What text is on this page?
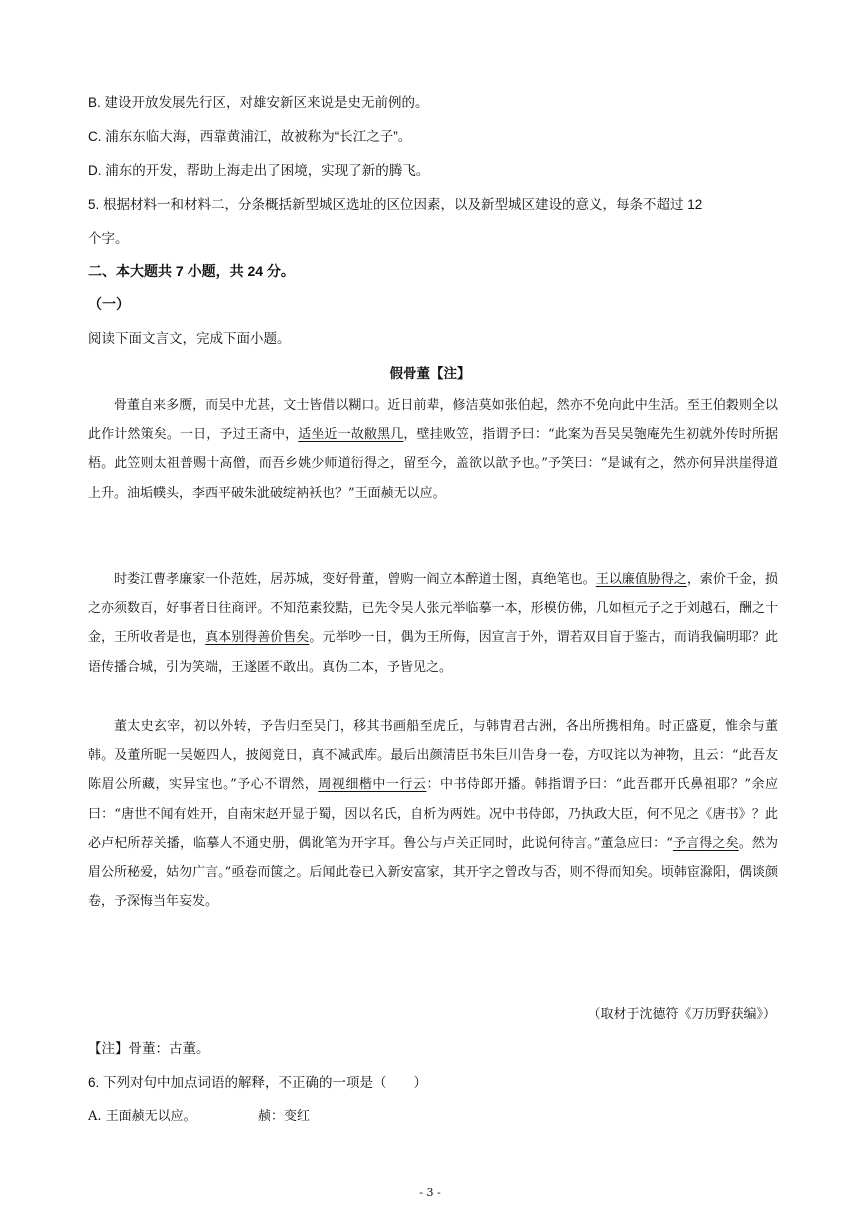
B. 建设开放发展先行区，对雄安新区来说是史无前例的。
C. 浦东东临大海，西靠黄浦江，故被称为“长江之子”。
D. 浦东的开发，帮助上海走出了困境，实现了新的腾飞。
5. 根据材料一和材料二，分条概括新型城区选址的区位因素，以及新型城区建设的意义，每条不超过 12
个字。
二、本大题共 7 小题，共 24 分。
（一）
阅读下面文言文，完成下面小题。
假骨董【注】
骨董自来多赝，而吴中尤甚，文士皆借以糊口。近日前辈，修洁莫如张伯起，然亦不免向此中生活。至王伯穀则全以此作计然策矣。一日，予过王斋中，适坐近一故敝黑几，壁挂败笠，指谓予曰：“此案为吾吴吴匏庵先生初就外传时所据梧。此笠则太祖普赐十高僧，而吾乡姚少师道衍得之，留至今，盖欲以歆予也。”予笑曰：“是诚有之，然亦何异洪崖得道上升。油垢幞头，李西平破朱泚破绽衲袄也？”王面赪无以应。
时娄江曹孝廉家一仆范姓，居苏城，变好骨董，曾购一阎立本醉道士图，真绝笔也。王以廉值胁得之，索价千金，损之亦须数百，好事者日往商评。不知范素狡黠，已先令吴人张元举临摹一本，形模仿佛，几如桓元子之于刘越石，酬之十金，王所收者是也，真本别得善价售矣。元举吵一日，偶为王所侮，因宣言于外，谓若双目盲于鉴古，而诮我偏明耶？此语传播合城，引为笑端，王遂匿不敢出。真伪二本，予皆见之。
董太史玄宰，初以外转，予告归至吴门，移其书画船至虎丘，与韩胄君古洲，各出所携相角。时正盛夏，惟余与董韩。及董所昵一吴姬四人，披阅竟日，真不减武库。最后出颜清臣书朱巨川告身一卷，方叹诧以为神物，且云：“此吾友陈眉公所藏，实异宝也。”予心不谓然，周视细楷中一行云：中书侍郎开播。韩指谓予曰：“此吾郡开氏鼻祖耶？”余应曰：“唐世不闻有姓开，自南宋赵开显于蜀，因以名氏，自析为两姓。况中书侍郎，乃执政大臣，何不见之《唐书》？此必卢杞所荐关播，临摹人不通史册，偶讹笔为开字耳。鲁公与卢关正同时，此说何待言。”董急应曰：“予言得之矣。然为眉公所秘爱，姑勿广言。”亟卷而箧之。后闻此卷已入新安富家，其开字之曾改与否，则不得而知矣。顷韩宦滁阳，偶谈颜卷，予深悔当年妄发。
（取材于沈德符《万历野获编》）
【注】骨董：古董。
6. 下列对句中加点词语的解释，不正确的一项是（　　）
A. 王面赪无以应。	赪：变红
- 3 -
